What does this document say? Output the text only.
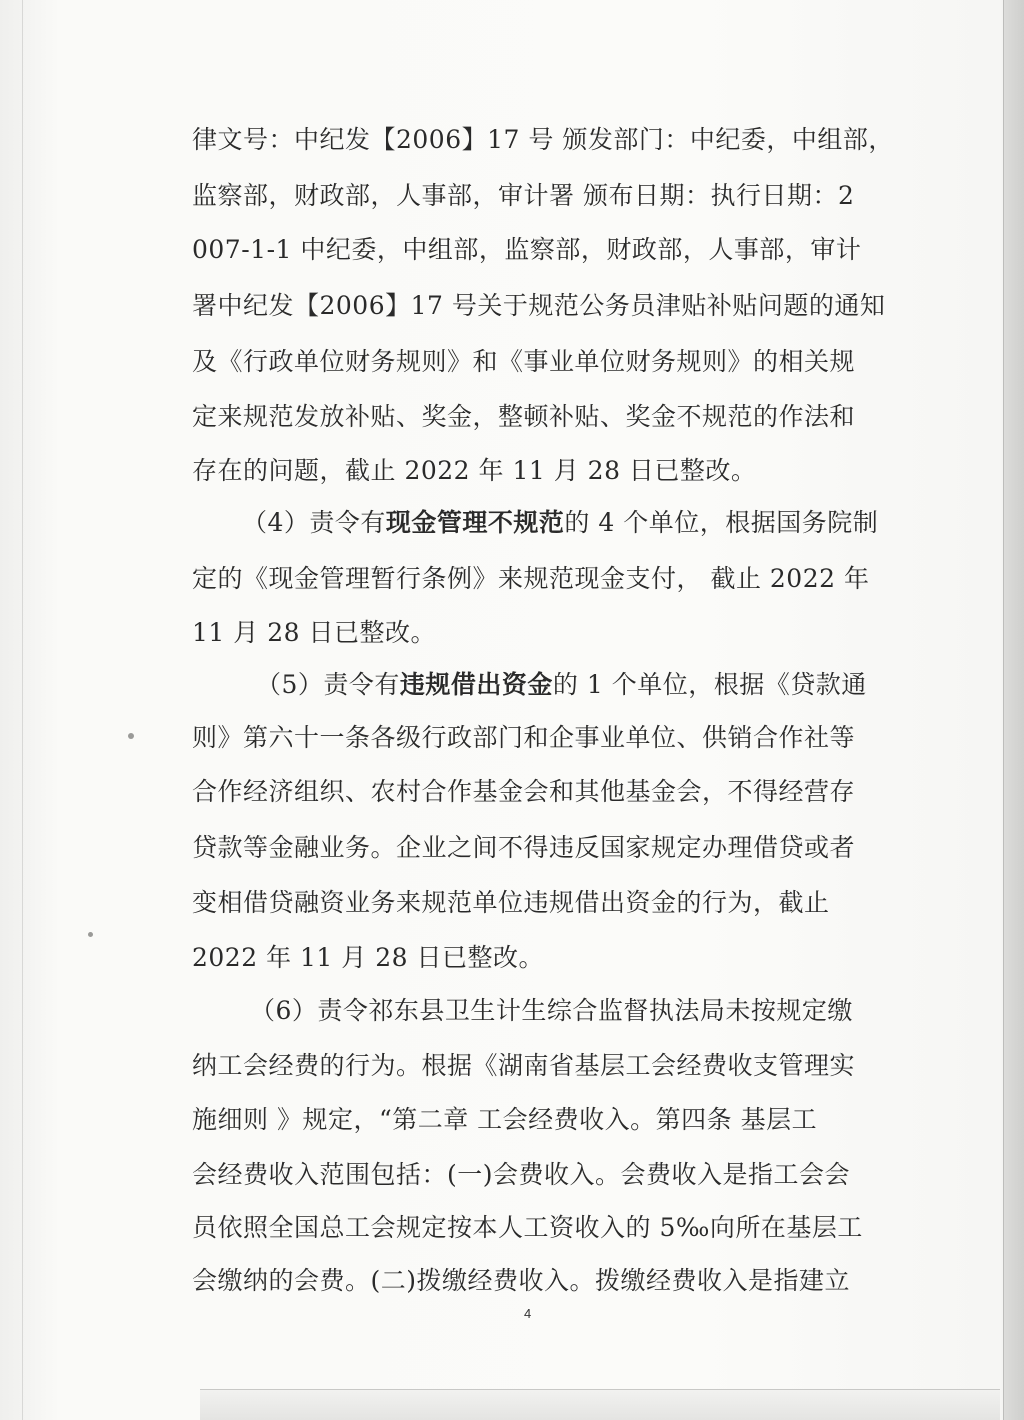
律文号：中纪发【2006】17 号 颁发部门：中纪委，中组部，
监察部，财政部，人事部，审计署 颁布日期：执行日期：2
007-1-1 中纪委，中组部，监察部，财政部，人事部，审计
署中纪发【2006】17 号关于规范公务员津贴补贴问题的通知
及《行政单位财务规则》和《事业单位财务规则》的相关规
定来规范发放补贴、奖金，整顿补贴、奖金不规范的作法和
存在的问题，截止 2022 年 11 月 28 日已整改。
（4）责令有现金管理不规范的 4 个单位，根据国务院制
定的《现金管理暂行条例》来规范现金支付， 截止 2022 年
11 月 28 日已整改。
（5）责令有违规借出资金的 1 个单位，根据《贷款通
则》第六十一条各级行政部门和企事业单位、供销合作社等
合作经济组织、农村合作基金会和其他基金会，不得经营存
贷款等金融业务。企业之间不得违反国家规定办理借贷或者
变相借贷融资业务来规范单位违规借出资金的行为，截止
2022 年 11 月 28 日已整改。
（6）责令祁东县卫生计生综合监督执法局未按规定缴
纳工会经费的行为。根据《湖南省基层工会经费收支管理实
施细则 》规定，“第二章 工会经费收入。第四条 基层工
会经费收入范围包括：(一)会费收入。会费收入是指工会会
员依照全国总工会规定按本人工资收入的 5‰向所在基层工
会缴纳的会费。(二)拨缴经费收入。拨缴经费收入是指建立
4
